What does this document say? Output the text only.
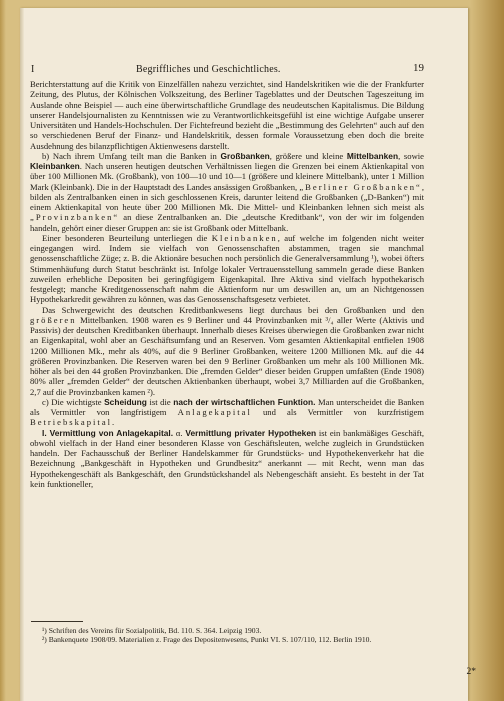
I	Begriffliches und Geschichtliches.	19

Berichterstattung auf die Kritik von Einzelfällen nahezu verzichtet, sind Handelskritiken wie die der Frankfurter Zeitung, des Plutus, der Kölnischen Volkszeitung, des Berliner Tageblattes und der Deutschen Tageszeitung im Auslande ohne Beispiel — auch eine überwirtschaftliche Grundlage des neudeutschen Kapitalismus. Die Bildung unserer Handelsjournalisten zu Kenntnissen wie zu Verantwortlichkeitsgefühl ist eine wichtige Aufgabe unserer Universitäten und Handels-Hochschulen. Der Fichtefreund bezieht die „Bestimmung des Gelehrten“ auch auf den so verschiedenen Beruf der Finanz- und Handelskritik, dessen formale Voraussetzung eben doch die breite Ausdehnung des bilanzpflichtigen Aktienwesens darstellt.

b) Nach ihrem Umfang teilt man die Banken in Großbanken, größere und kleine Mittelbanken, sowie Kleinbanken. Nach unseren heutigen deutschen Verhältnissen liegen die Grenzen bei einem Aktienkapital von über 100 Millionen Mk. (Großbank), von 100—10 und 10—1 (größere und kleinere Mittelbank), unter 1 Million Mark (Kleinbank). Die in der Hauptstadt des Landes ansässigen Großbanken, „Berliner Großbanken“, bilden als Zentralbanken einen in sich geschlossenen Kreis, darunter leitend die Großbanken („D-Banken“) mit einem Aktienkapital von heute über 200 Millionen Mk. Die Mittel- und Kleinbanken lehnen sich meist als „Provinzbanken“ an diese Zentralbanken an. Die „deutsche Kreditbank“, von der wir im folgenden handeln, gehört einer dieser Gruppen an: sie ist Großbank oder Mittelbank.

Einer besonderen Beurteilung unterliegen die Kleinbanken, auf welche im folgenden nicht weiter eingegangen wird. Indem sie vielfach von Genossenschaften abstammen, tragen sie manchmal genossenschaftliche Züge; z. B. die Aktionäre besuchen noch persönlich die Generalversammlung ¹), wobei öfters Stimmenhäufung durch Statut beschränkt ist. Infolge lokaler Vertrauensstellung sammeln gerade diese Banken zuweilen erhebliche Depositen bei geringfügigem Eigenkapital. Ihre Aktiva sind vielfach hypothekarisch festgelegt; manche Kreditgenossenschaft nahm die Aktienform nur um deswillen an, um an Nichtgenossen Hypothekarkredit gewähren zu können, was das Genossenschaftsgesetz verbietet.

Das Schwergewicht des deutschen Kreditbankwesens liegt durchaus bei den Großbanken und den größeren Mittelbanken. 1908 waren es 9 Berliner und 44 Provinzbanken mit ³/₄ aller Werte (Aktivis und Passivis) der deutschen Kreditbanken überhaupt. Innerhalb dieses Kreises überwiegen die Großbanken zwar nicht an Eigenkapital, wohl aber an Geschäftsumfang und an Reserven. Vom gesamten Aktienkapital entfielen 1908 1200 Millionen Mk., mehr als 40%, auf die 9 Berliner Großbanken, weitere 1200 Millionen Mk. auf die 44 größeren Provinzbanken. Die Reserven waren bei den 9 Berliner Großbanken um mehr als 100 Millionen Mk. höher als bei den 44 großen Provinzbanken. Die „fremden Gelder“ dieser beiden Gruppen umfaßten (Ende 1908) 80% aller „fremden Gelder“ der deutschen Aktienbanken überhaupt, wobei 3,7 Milliarden auf die Großbanken, 2,7 auf die Provinzbanken kamen ²).

c) Die wichtigste Scheidung ist die nach der wirtschaftlichen Funktion. Man unterscheidet die Banken als Vermittler von langfristigem Anlagekapital und als Vermittler von kurzfristigem Betriebskapital.

I. Vermittlung von Anlagekapital. α. Vermittlung privater Hypotheken ist ein bankmäßiges Geschäft, obwohl vielfach in der Hand einer besonderen Klasse von Geschäftsleuten, welche zugleich in Grundstücken handeln. Der Fachausschuß der Berliner Handelskammer für Grundstücks- und Hypothekenverkehr hat die Bezeichnung „Bankgeschäft in Hypotheken und Grundbesitz“ anerkannt — mit Recht, wenn man das Hypothekengeschäft als Bankgeschäft, den Grundstückshandel als Nebengeschäft ansieht. Es besteht in der Tat kein funktioneller,

¹) Schriften des Vereins für Sozialpolitik, Bd. 110. S. 364. Leipzig 1903.

²) Bankenquete 1908/09. Materialien z. Frage des Depositenwesens, Punkt VI. S. 107/110, 112. Berlin 1910.

2*
